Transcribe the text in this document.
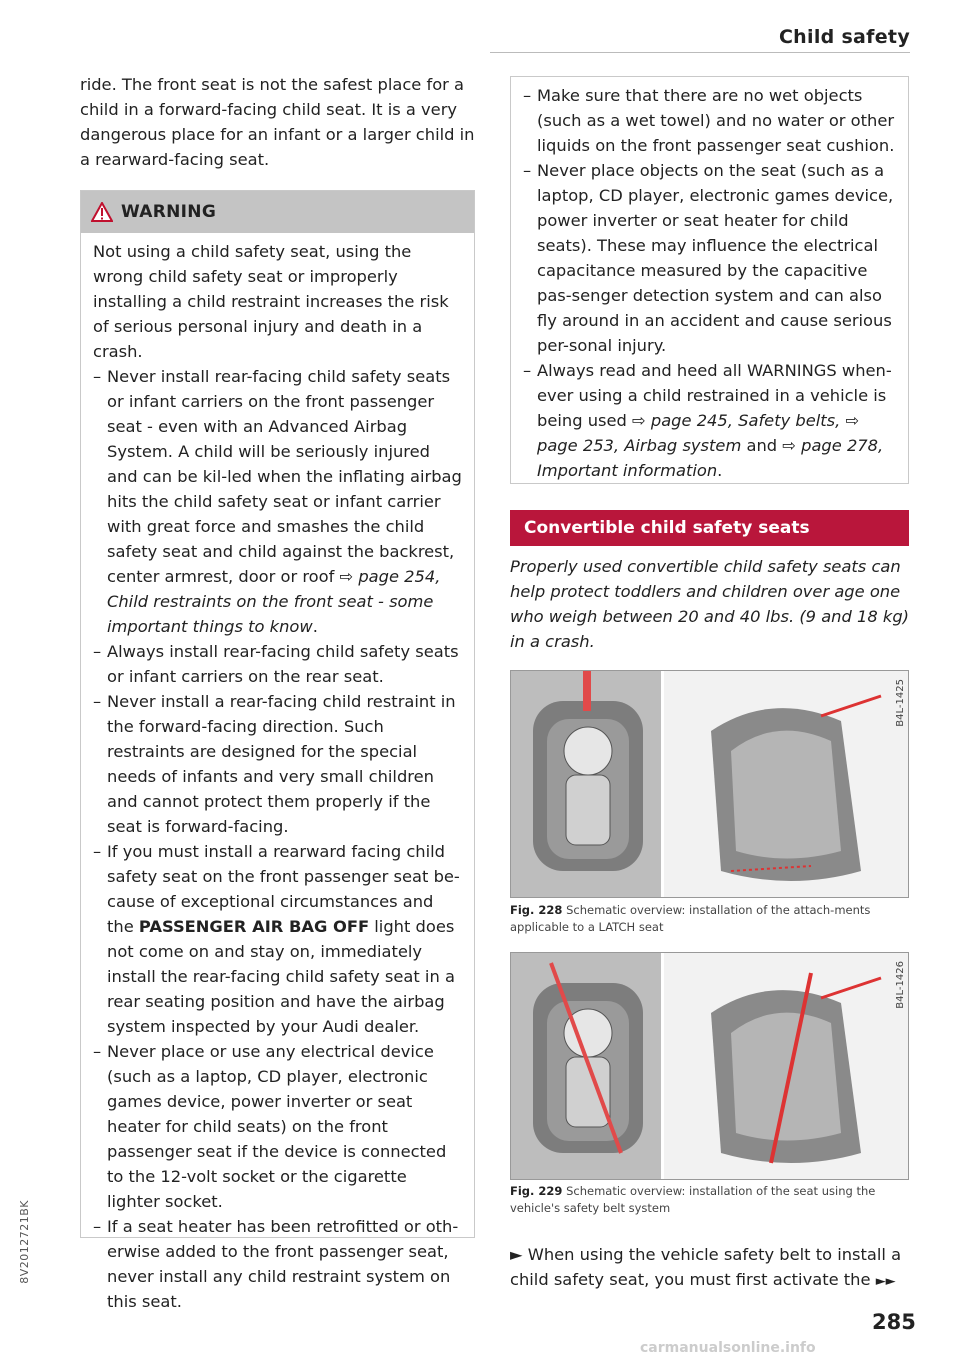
Child safety
ride. The front seat is not the safest place for a child in a forward-facing child seat. It is a very dangerous place for an infant or a larger child in a rearward-facing seat.
WARNING
Not using a child safety seat, using the wrong child safety seat or improperly installing a child restraint increases the risk of serious personal injury and death in a crash.
– Never install rear-facing child safety seats or infant carriers on the front passenger seat - even with an Advanced Airbag System. A child will be seriously injured and can be kil-led when the inflating airbag hits the child safety seat or infant carrier with great force and smashes the child safety seat and child against the backrest, center armrest, door or roof ⇨ page 254, Child restraints on the front seat - some important things to know.
– Always install rear-facing child safety seats or infant carriers on the rear seat.
– Never install a rear-facing child restraint in the forward-facing direction. Such restraints are designed for the special needs of infants and very small children and cannot protect them properly if the seat is forward-facing.
– If you must install a rearward facing child safety seat on the front passenger seat be-cause of exceptional circumstances and the PASSENGER AIR BAG OFF light does not come on and stay on, immediately install the rear-facing child safety seat in a rear seating position and have the airbag system inspected by your Audi dealer.
– Never place or use any electrical device (such as a laptop, CD player, electronic games device, power inverter or seat heater for child seats) on the front passenger seat if the device is connected to the 12-volt socket or the cigarette lighter socket.
– If a seat heater has been retrofitted or oth-erwise added to the front passenger seat, never install any child restraint system on this seat.
– Make sure that there are no wet objects (such as a wet towel) and no water or other liquids on the front passenger seat cushion.
– Never place objects on the seat (such as a laptop, CD player, electronic games device, power inverter or seat heater for child seats). These may influence the electrical capacitance measured by the capacitive pas-senger detection system and can also fly around in an accident and cause serious per-sonal injury.
– Always read and heed all WARNINGS when-ever using a child restrained in a vehicle is being used ⇨ page 245, Safety belts, ⇨ page 253, Airbag system and ⇨ page 278, Important information.
Convertible child safety seats
Properly used convertible child safety seats can help protect toddlers and children over age one who weigh between 20 and 40 lbs. (9 and 18 kg) in a crash.
B4L-1425
Fig. 228 Schematic overview: installation of the attach-ments applicable to a LATCH seat
B4L-1426
Fig. 229 Schematic overview: installation of the seat using the vehicle's safety belt system
► When using the vehicle safety belt to install a child safety seat, you must first activate the ►►
8V2012721BK
285
carmanualsonline.info
